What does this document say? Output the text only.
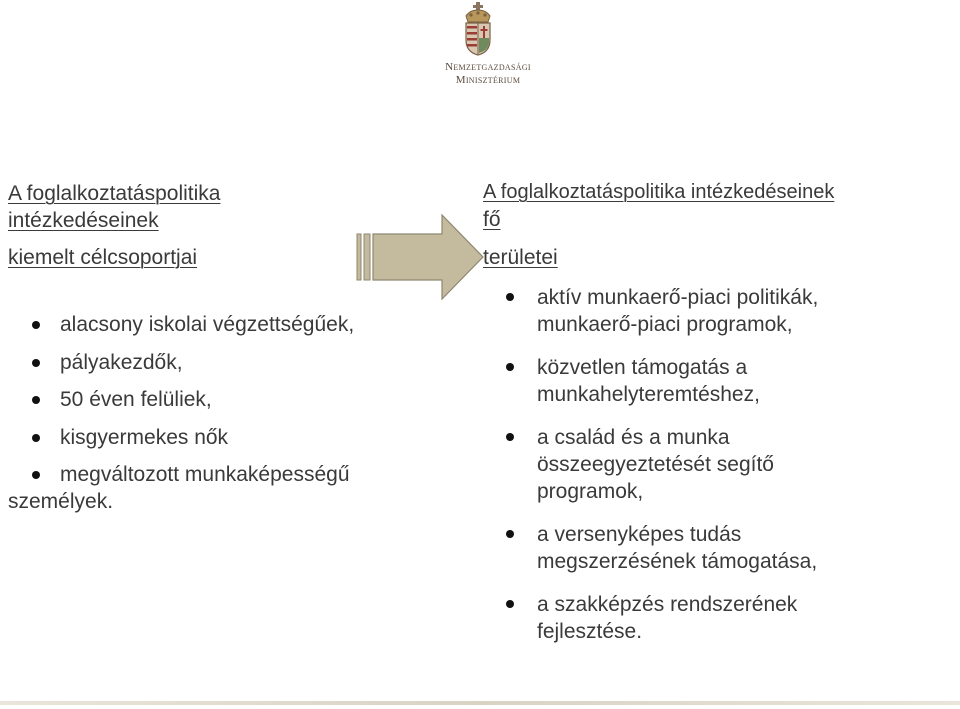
Nemzetgazdasági
Minisztérium
A foglalkoztatáspolitika
intézkedéseinek
kiemelt célcsoportjai
alacsony iskolai végzettségűek,
pályakezdők,
50 éven felüliek,
kisgyermekes nők
megváltozott munkaképességű
személyek.
A foglalkoztatáspolitika intézkedéseinek
fő
területei
aktív munkaerő-piaci politikák,
munkaerő-piaci programok,
közvetlen támogatás a
munkahelyteremtéshez,
a család és a munka
összeegyeztetését segítő
programok,
a versenyképes tudás
megszerzésének támogatása,
a szakképzés rendszerének
fejlesztése.
